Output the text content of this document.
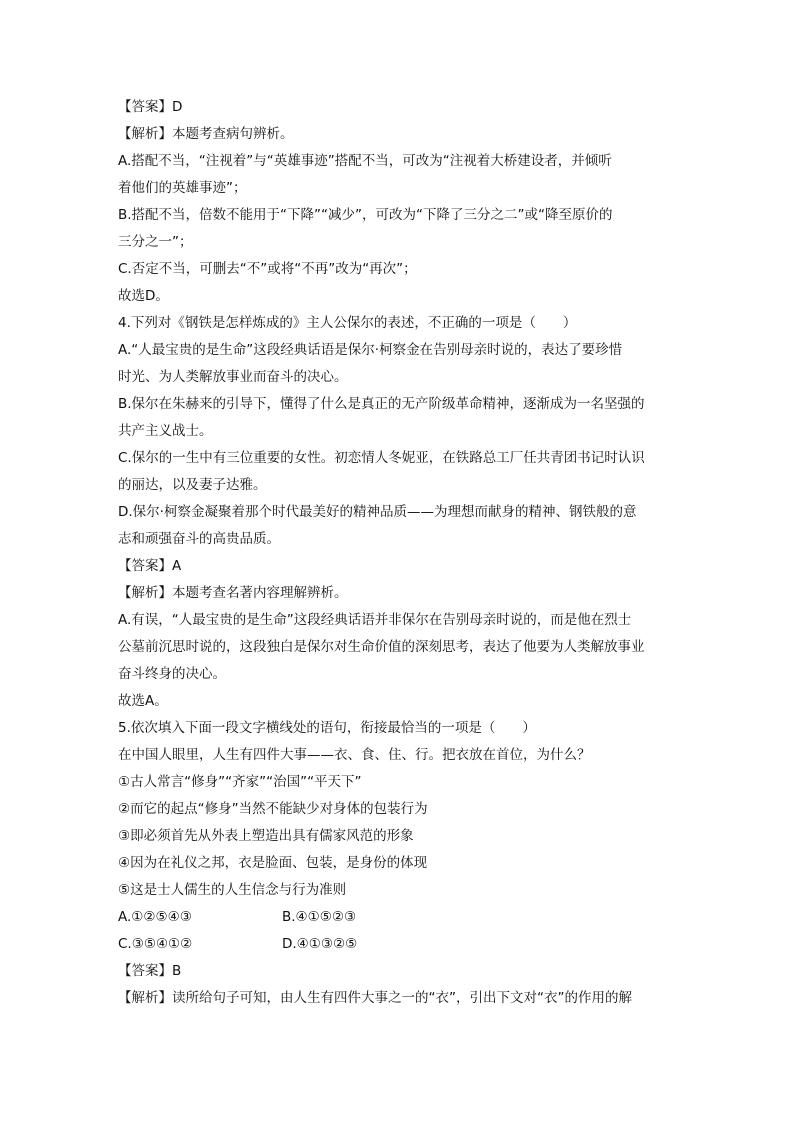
【答案】D
【解析】本题考查病句辨析。
A.搭配不当，“注视着”与“英雄事迹”搭配不当，可改为“注视着大桥建设者，并倾听
着他们的英雄事迹”；
B.搭配不当，倍数不能用于“下降”“减少”，可改为“下降了三分之二”或“降至原价的
三分之一”；
C.否定不当，可删去“不”或将“不再”改为“再次”；
故选D。
4.下列对《钢铁是怎样炼成的》主人公保尔的表述，不正确的一项是（　　）
A.“人最宝贵的是生命”这段经典话语是保尔·柯察金在告别母亲时说的，表达了要珍惜
时光、为人类解放事业而奋斗的决心。
B.保尔在朱赫来的引导下，懂得了什么是真正的无产阶级革命精神，逐渐成为一名坚强的
共产主义战士。
C.保尔的一生中有三位重要的女性。初恋情人冬妮亚，在铁路总工厂任共青团书记时认识
的丽达，以及妻子达雅。
D.保尔·柯察金凝聚着那个时代最美好的精神品质——为理想而献身的精神、钢铁般的意
志和顽强奋斗的高贵品质。
【答案】A
【解析】本题考查名著内容理解辨析。
A.有误，“人最宝贵的是生命”这段经典话语并非保尔在告别母亲时说的，而是他在烈士
公墓前沉思时说的，这段独白是保尔对生命价值的深刻思考，表达了他要为人类解放事业
奋斗终身的决心。
故选A。
5.依次填入下面一段文字横线处的语句，衔接最恰当的一项是（　　）
在中国人眼里，人生有四件大事——衣、食、住、行。把衣放在首位，为什么？
①古人常言“修身”“齐家”“治国”“平天下”
②而它的起点“修身”当然不能缺少对身体的包装行为
③即必须首先从外表上塑造出具有儒家风范的形象
④因为在礼仪之邦，衣是脸面、包装，是身份的体现
⑤这是士人儒生的人生信念与行为准则
A.①②⑤④③	B.④①⑤②③
C.③⑤④①②	D.④①③②⑤
【答案】B
【解析】读所给句子可知，由人生有四件大事之一的“衣”，引出下文对“衣”的作用的解
